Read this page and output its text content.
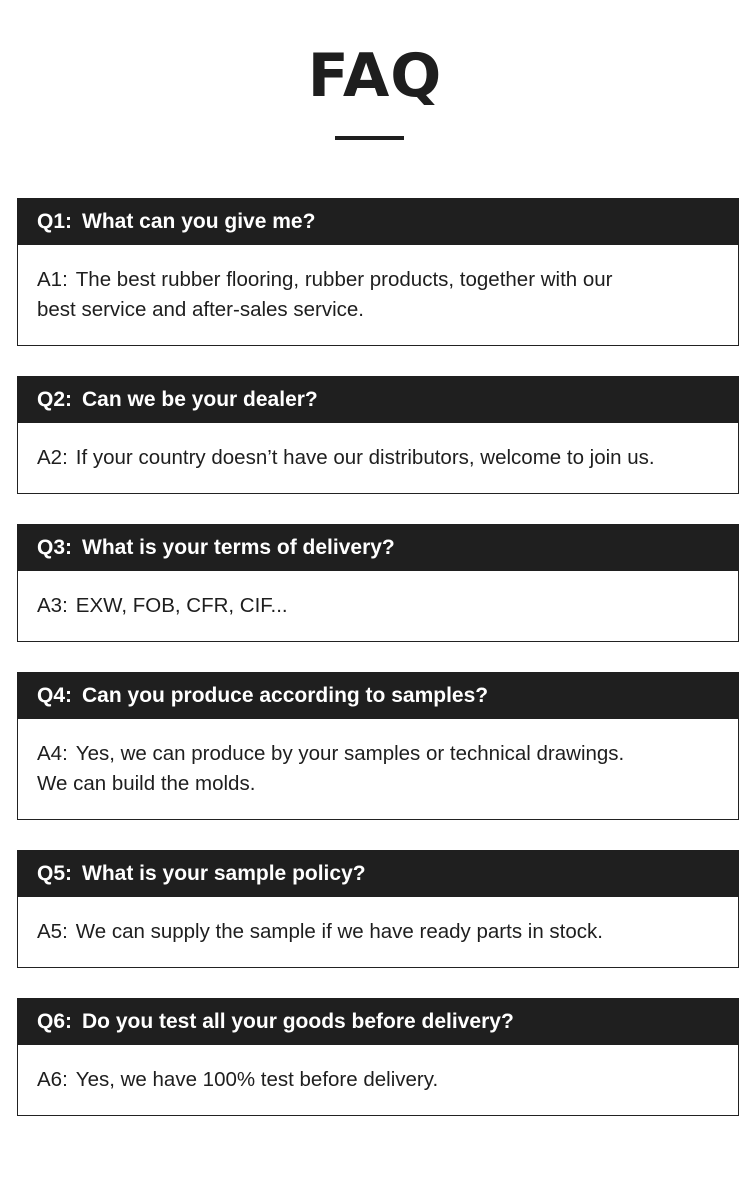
FAQ
Q1: What can you give me?
A1: The best rubber flooring, rubber products, together with our
best service and after-sales service.
Q2: Can we be your dealer?
A2: If your country doesn’t have our distributors, welcome to join us.
Q3: What is your terms of delivery?
A3: EXW, FOB, CFR, CIF...
Q4: Can you produce according to samples?
A4: Yes, we can produce by your samples or technical drawings.
We can build the molds.
Q5: What is your sample policy?
A5: We can supply the sample if we have ready parts in stock.
Q6: Do you test all your goods before delivery?
A6: Yes, we have 100% test before delivery.
